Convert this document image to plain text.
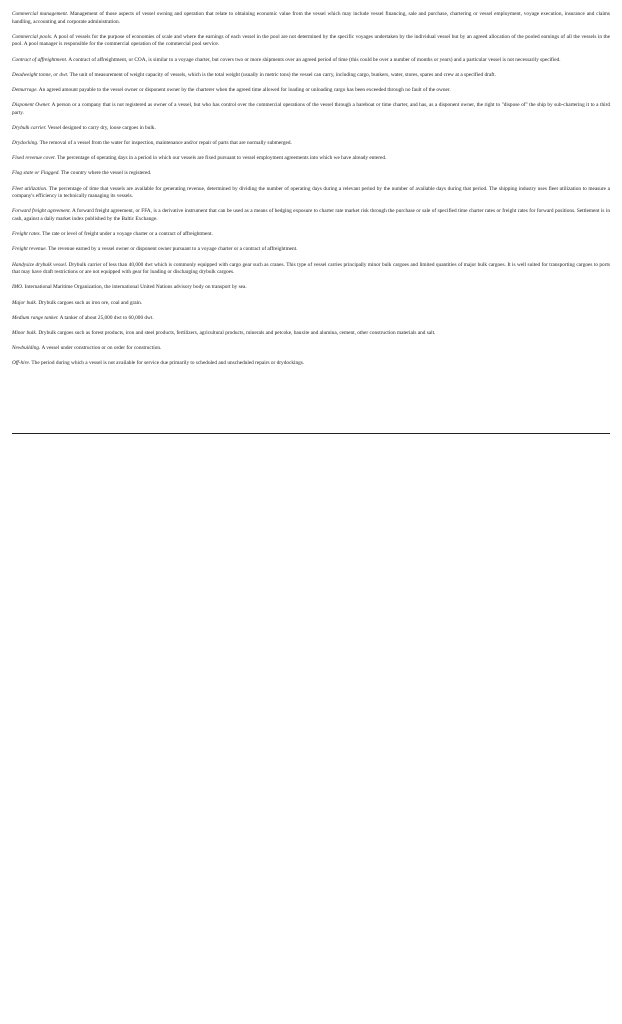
Commercial management. Management of those aspects of vessel owning and operation that relate to obtaining economic value from the vessel which may include vessel financing, sale and purchase, chartering or vessel employment, voyage execution, insurance and claims handling, accounting and corporate administration.

Commercial pools. A pool of vessels for the purpose of economies of scale and where the earnings of each vessel in the pool are not determined by the specific voyages undertaken by the individual vessel but by an agreed allocation of the pooled earnings of all the vessels in the pool. A pool manager is responsible for the commercial operation of the commercial pool service.

Contract of affreightment. A contract of affreightment, or COA, is similar to a voyage charter, but covers two or more shipments over an agreed period of time (this could be over a number of months or years) and a particular vessel is not necessarily specified.

Deadweight tonne, or dwt. The unit of measurement of weight capacity of vessels, which is the total weight (usually in metric tons) the vessel can carry, including cargo, bunkers, water, stores, spares and crew at a specified draft.

Demurrage. An agreed amount payable to the vessel owner or disponent owner by the charterer when the agreed time allowed for loading or unloading cargo has been exceeded through no fault of the owner.

Disponent Owner. A person or a company that is not registered as owner of a vessel, but who has control over the commercial operations of the vessel through a bareboat or time charter, and has, as a disponent owner, the right to "dispose of" the ship by sub-chartering it to a third party.

Drybulk carrier. Vessel designed to carry dry, loose cargoes in bulk.

Drydocking. The removal of a vessel from the water for inspection, maintenance and/or repair of parts that are normally submerged.

Fixed revenue cover. The percentage of operating days in a period in which our vessels are fixed pursuant to vessel employment agreements into which we have already entered.

Flag state or Flagged. The country where the vessel is registered.

Fleet utilization. The percentage of time that vessels are available for generating revenue, determined by dividing the number of operating days during a relevant period by the number of available days during that period. The shipping industry uses fleet utilization to measure a company's efficiency in technically managing its vessels.

Forward freight agreement. A forward freight agreement, or FFA, is a derivative instrument that can be used as a means of hedging exposure to charter rate market risk through the purchase or sale of specified time charter rates or freight rates for forward positions. Settlement is in cash, against a daily market index published by the Baltic Exchange.

Freight rates. The rate or level of freight under a voyage charter or a contract of affreightment.

Freight revenue. The revenue earned by a vessel owner or disponent owner pursuant to a voyage charter or a contract of affreightment.

Handysize drybulk vessel. Drybulk carrier of less than 40,000 dwt which is commonly equipped with cargo gear such as cranes. This type of vessel carries principally minor bulk cargoes and limited quantities of major bulk cargoes. It is well suited for transporting cargoes to ports that may have draft restrictions or are not equipped with gear for loading or discharging drybulk cargoes.

IMO. International Maritime Organization, the international United Nations advisory body on transport by sea.

Major bulk. Drybulk cargoes such as iron ore, coal and grain.

Medium range tanker. A tanker of about 25,000 dwt to 60,000 dwt.

Minor bulk. Drybulk cargoes such as forest products, iron and steel products, fertilizers, agricultural products, minerals and petcoke, bauxite and alumina, cement, other construction materials and salt.

Newbuilding. A vessel under construction or on order for construction.

Off-hire. The period during which a vessel is not available for service due primarily to scheduled and unscheduled repairs or drydockings.
